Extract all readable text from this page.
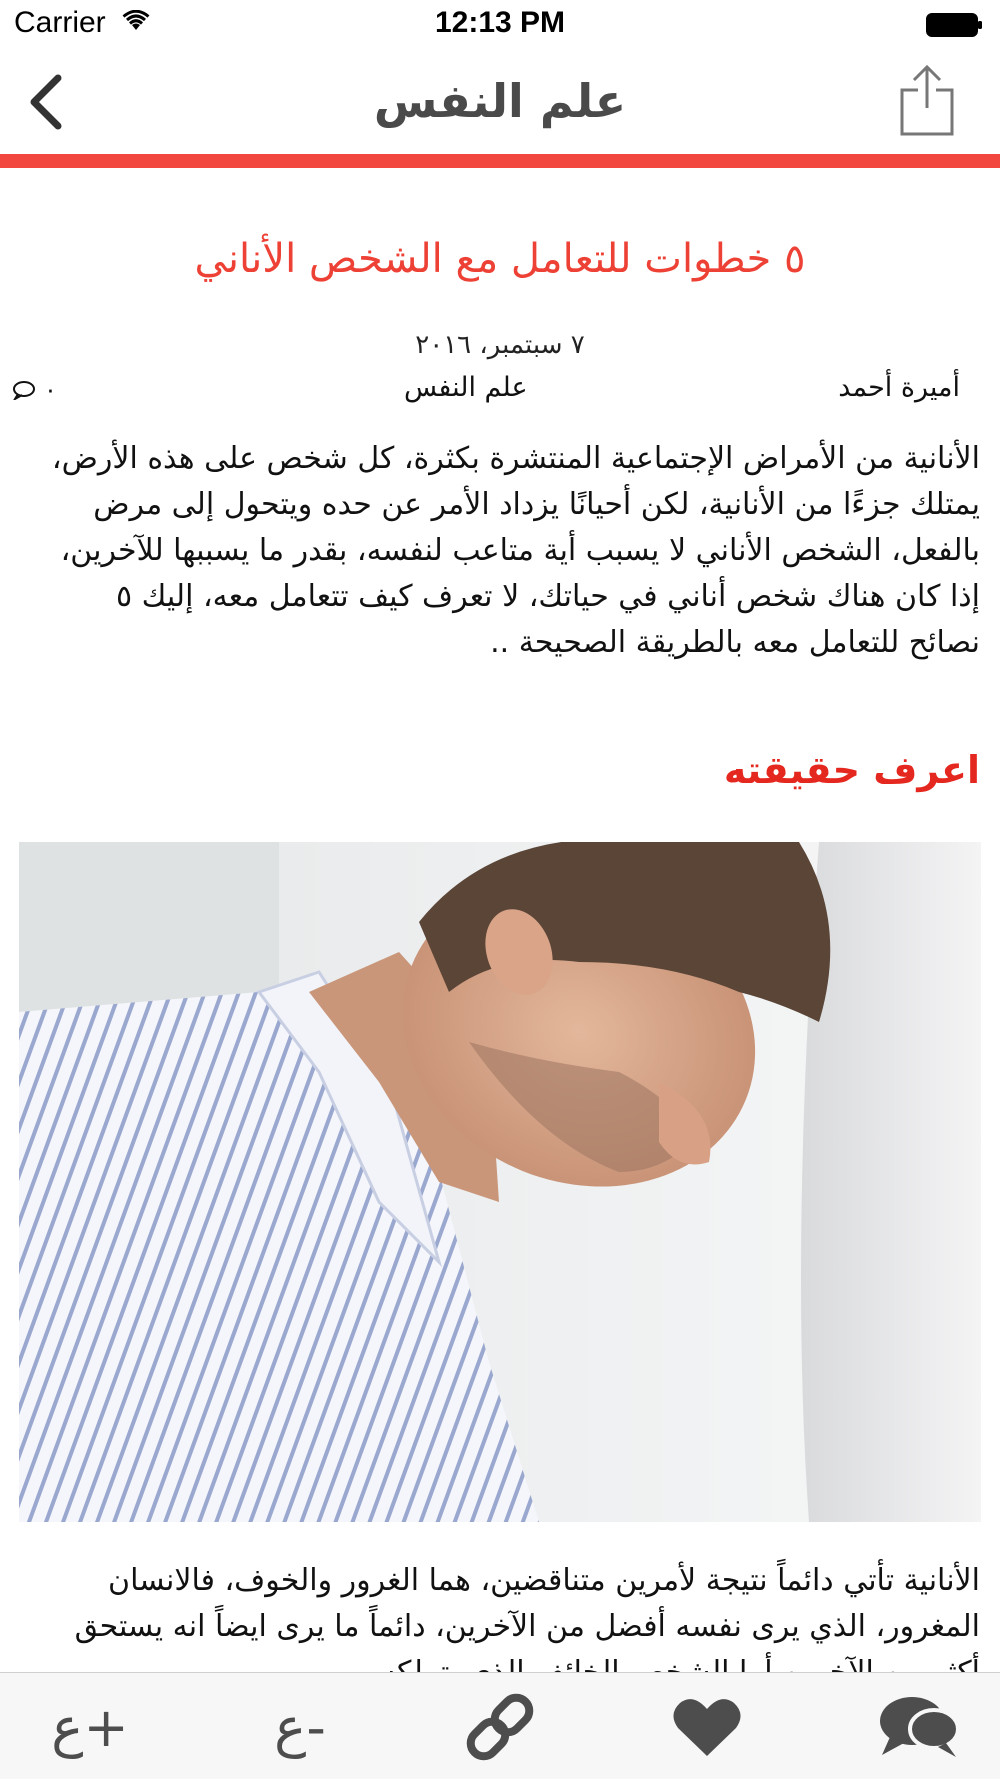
Carrier	12:13 PM
علم النفس
٥ خطوات للتعامل مع الشخص الأناني
٧ سبتمبر، ٢٠١٦
أميرة أحمد
علم النفس
٠
الأنانية من الأمراض الإجتماعية المنتشرة بكثرة، كل شخص على هذه الأرض، يمتلك جزءًا من الأنانية، لكن أحيانًا يزداد الأمر عن حده ويتحول إلى مرض بالفعل، الشخص الأناني لا يسبب أية متاعب لنفسه، بقدر ما يسببها للآخرين، إذا كان هناك شخص أناني في حياتك، لا تعرف كيف تتعامل معه، إليك ٥ نصائح للتعامل معه بالطريقة الصحيحة ..
اعرف حقيقته
الأنانية تأتي دائماً نتيجة لأمرين متناقضين، هما الغرور والخوف، فالانسان المغرور، الذي يرى نفسه أفضل من الآخرين، دائماً ما يرى ايضاً انه يستحق
ع+	ع-
